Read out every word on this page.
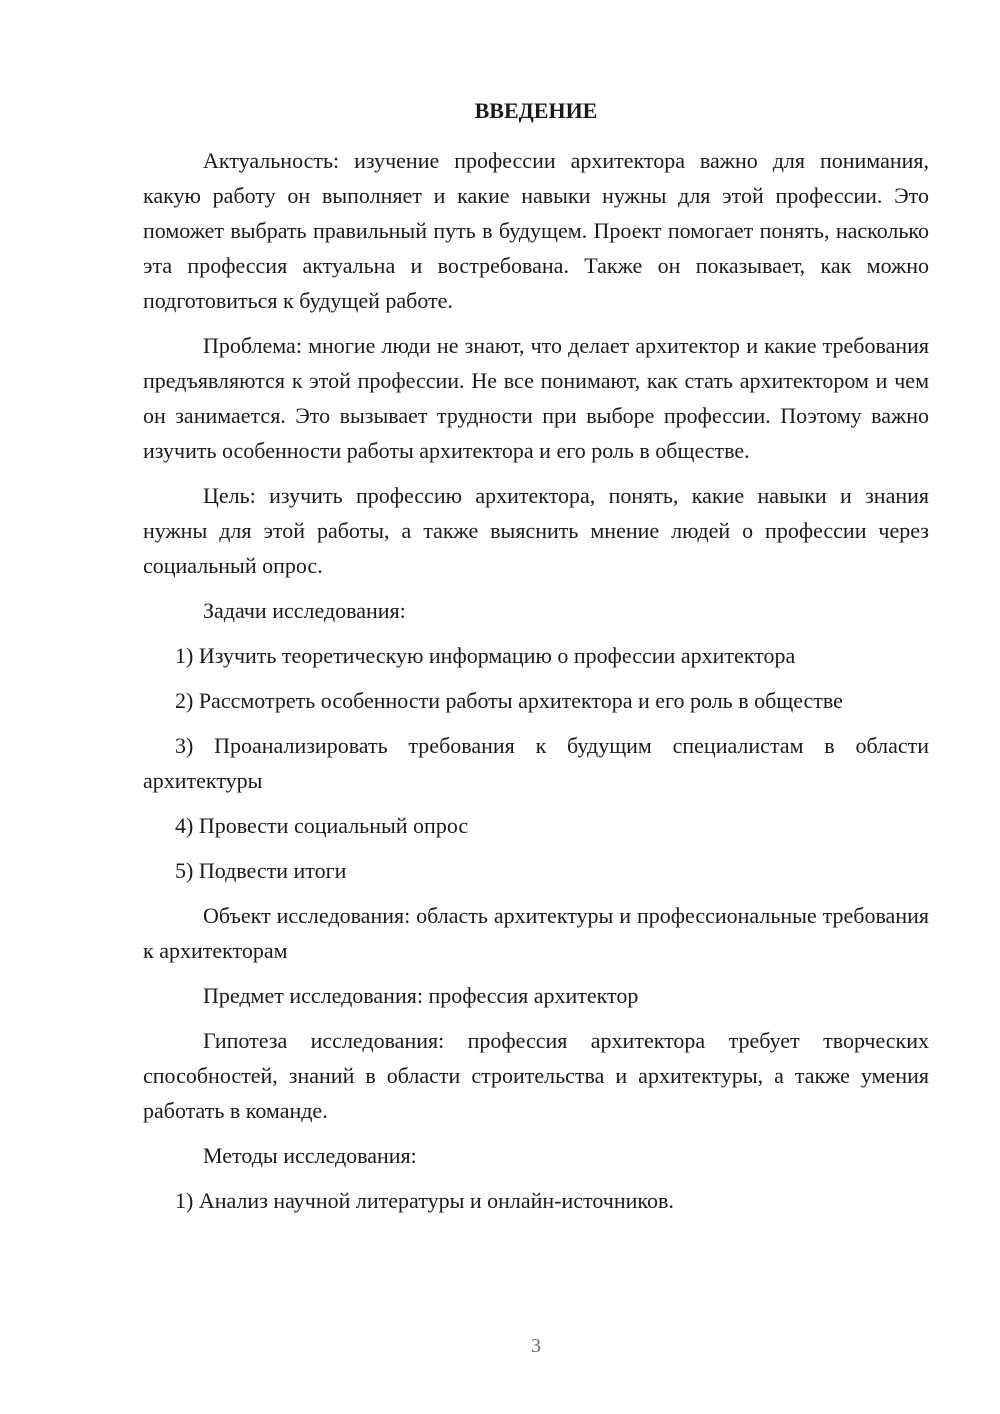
ВВЕДЕНИЕ

Актуальность: изучение профессии архитектора важно для понимания, какую работу он выполняет и какие навыки нужны для этой профессии. Это поможет выбрать правильный путь в будущем. Проект помогает понять, насколько эта профессия актуальна и востребована. Также он показывает, как можно подготовиться к будущей работе.

Проблема: многие люди не знают, что делает архитектор и какие требования предъявляются к этой профессии. Не все понимают, как стать архитектором и чем он занимается. Это вызывает трудности при выборе профессии. Поэтому важно изучить особенности работы архитектора и его роль в обществе.

Цель: изучить профессию архитектора, понять, какие навыки и знания нужны для этой работы, а также выяснить мнение людей о профессии через социальный опрос.

Задачи исследования:

1) Изучить теоретическую информацию о профессии архитектора

2) Рассмотреть особенности работы архитектора и его роль в обществе

3) Проанализировать требования к будущим специалистам в области архитектуры

4) Провести социальный опрос

5) Подвести итоги

Объект исследования: область архитектуры и профессиональные требования к архитекторам

Предмет исследования: профессия архитектор

Гипотеза исследования: профессия архитектора требует творческих способностей, знаний в области строительства и архитектуры, а также умения работать в команде.

Методы исследования:

1) Анализ научной литературы и онлайн-источников.

3
